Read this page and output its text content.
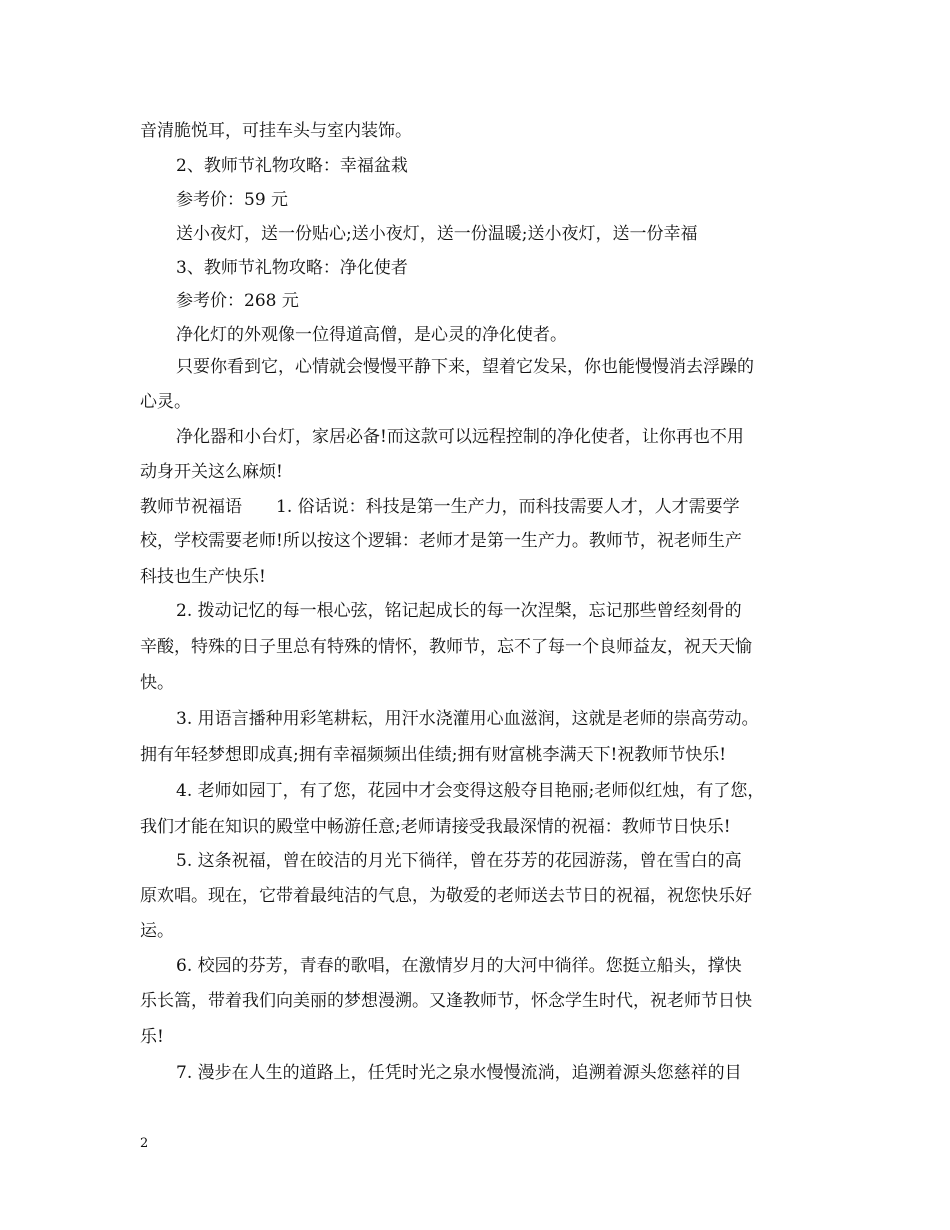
音清脆悦耳，可挂车头与室内装饰。
2、教师节礼物攻略：幸福盆栽
参考价：59 元
送小夜灯，送一份贴心;送小夜灯，送一份温暖;送小夜灯，送一份幸福
3、教师节礼物攻略：净化使者
参考价：268 元
净化灯的外观像一位得道高僧，是心灵的净化使者。
只要你看到它，心情就会慢慢平静下来，望着它发呆，你也能慢慢消去浮躁的
心灵。
净化器和小台灯，家居必备!而这款可以远程控制的净化使者，让你再也不用
动身开关这么麻烦!
教师节祝福语　　1. 俗话说：科技是第一生产力，而科技需要人才，人才需要学
校，学校需要老师!所以按这个逻辑：老师才是第一生产力。教师节，祝老师生产
科技也生产快乐!
2. 拨动记忆的每一根心弦，铭记起成长的每一次涅槃，忘记那些曾经刻骨的
辛酸，特殊的日子里总有特殊的情怀，教师节，忘不了每一个良师益友，祝天天愉
快。
3. 用语言播种用彩笔耕耘，用汗水浇灌用心血滋润，这就是老师的崇高劳动。
拥有年轻梦想即成真;拥有幸福频频出佳绩;拥有财富桃李满天下!祝教师节快乐!
4. 老师如园丁，有了您，花园中才会变得这般夺目艳丽;老师似红烛，有了您，
我们才能在知识的殿堂中畅游任意;老师请接受我最深情的祝福：教师节日快乐!
5. 这条祝福，曾在皎洁的月光下徜徉，曾在芬芳的花园游荡，曾在雪白的高
原欢唱。现在，它带着最纯洁的气息，为敬爱的老师送去节日的祝福，祝您快乐好
运。
6. 校园的芬芳，青春的歌唱，在激情岁月的大河中徜徉。您挺立船头，撑快
乐长篙，带着我们向美丽的梦想漫溯。又逢教师节，怀念学生时代，祝老师节日快
乐!
7. 漫步在人生的道路上，任凭时光之泉水慢慢流淌，追溯着源头您慈祥的目
2
